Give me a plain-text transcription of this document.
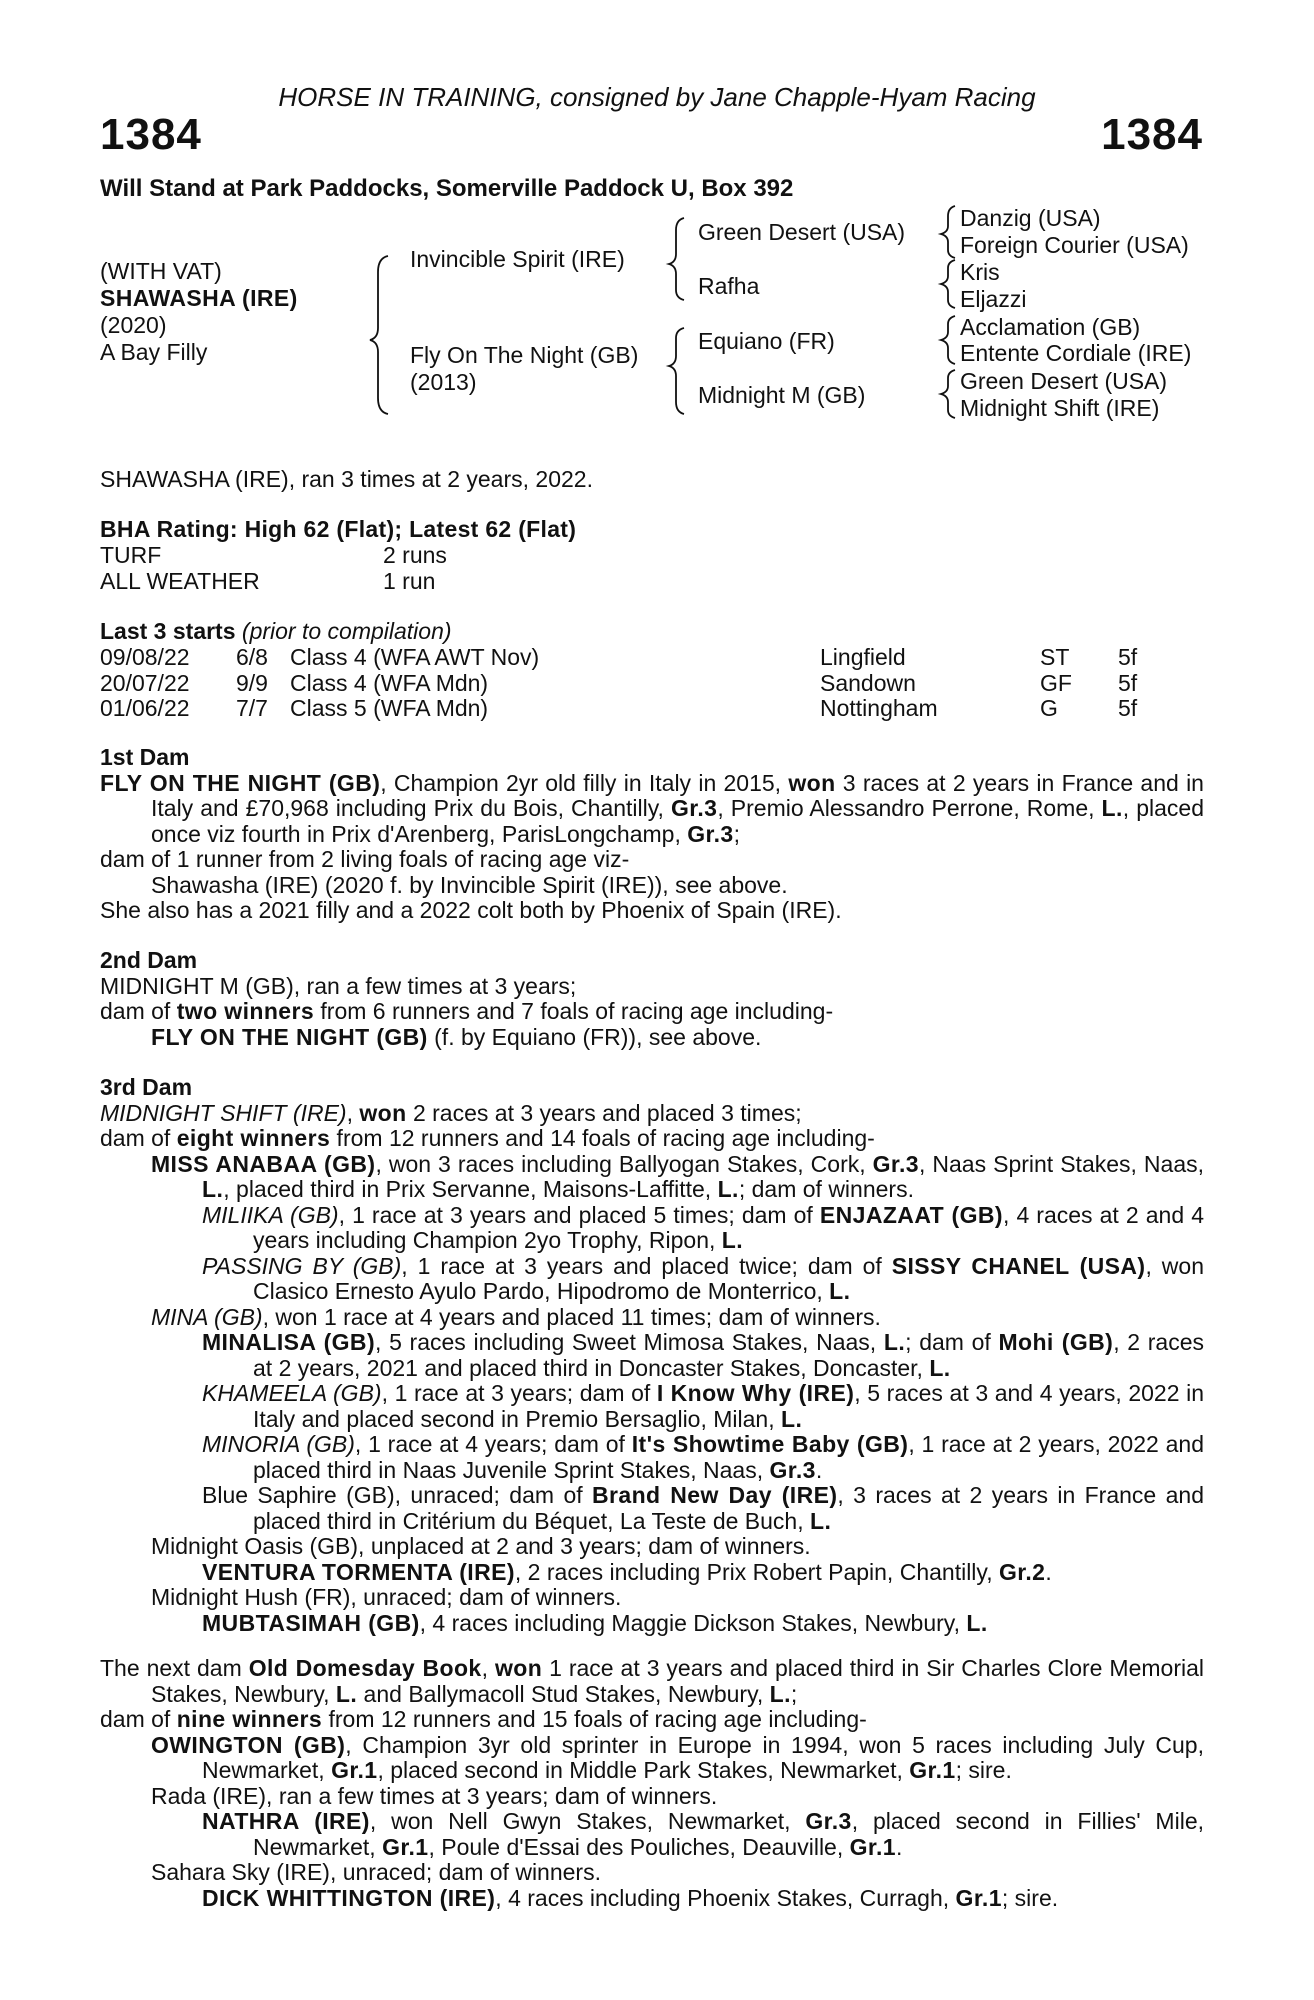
HORSE IN TRAINING, consigned by Jane Chapple-Hyam Racing
1384	1384
Will Stand at Park Paddocks, Somerville Paddock U, Box 392
(WITH VAT)
SHAWASHA (IRE)
(2020)
A Bay Filly
Invincible Spirit (IRE)
Fly On The Night (GB)
(2013)
Green Desert (USA)
Rafha
Equiano (FR)
Midnight M (GB)
Danzig (USA)
Foreign Courier (USA)
Kris
Eljazzi
Acclamation (GB)
Entente Cordiale (IRE)
Green Desert (USA)
Midnight Shift (IRE)
SHAWASHA (IRE), ran 3 times at 2 years, 2022.
BHA Rating: High 62 (Flat); Latest 62 (Flat)
TURF	2 runs
ALL WEATHER	1 run
Last 3 starts (prior to compilation)
09/08/22 6/8 Class 4 (WFA AWT Nov)	Lingfield	ST 5f
20/07/22 9/9 Class 4 (WFA Mdn)	Sandown	GF 5f
01/06/22 7/7 Class 5 (WFA Mdn)	Nottingham	G	5f

1st Dam

FLY ON THE NIGHT (GB), Champion 2yr old filly in Italy in 2015, won 3 races at 2 years in France and in Italy and £70,968 including Prix du Bois, Chantilly, Gr.3, Premio Alessandro Perrone, Rome, L., placed once viz fourth in Prix d'Arenberg, ParisLongchamp, Gr.3;

dam of 1 runner from 2 living foals of racing age viz-

Shawasha (IRE) (2020 f. by Invincible Spirit (IRE)), see above.

She also has a 2021 filly and a 2022 colt both by Phoenix of Spain (IRE).

2nd Dam

MIDNIGHT M (GB), ran a few times at 3 years;

dam of two winners from 6 runners and 7 foals of racing age including-

FLY ON THE NIGHT (GB) (f. by Equiano (FR)), see above.

3rd Dam

MIDNIGHT SHIFT (IRE), won 2 races at 3 years and placed 3 times;

dam of eight winners from 12 runners and 14 foals of racing age including-

MISS ANABAA (GB), won 3 races including Ballyogan Stakes, Cork, Gr.3, Naas Sprint Stakes, Naas, L., placed third in Prix Servanne, Maisons-Laffitte, L.; dam of winners.

MILIIKA (GB), 1 race at 3 years and placed 5 times; dam of ENJAZAAT (GB), 4 races at 2 and 4 years including Champion 2yo Trophy, Ripon, L.

PASSING BY (GB), 1 race at 3 years and placed twice; dam of SISSY CHANEL (USA), won Clasico Ernesto Ayulo Pardo, Hipodromo de Monterrico, L.

MINA (GB), won 1 race at 4 years and placed 11 times; dam of winners.

MINALISA (GB), 5 races including Sweet Mimosa Stakes, Naas, L.; dam of Mohi (GB), 2 races at 2 years, 2021 and placed third in Doncaster Stakes, Doncaster, L.

KHAMEELA (GB), 1 race at 3 years; dam of I Know Why (IRE), 5 races at 3 and 4 years, 2022 in Italy and placed second in Premio Bersaglio, Milan, L.

MINORIA (GB), 1 race at 4 years; dam of It's Showtime Baby (GB), 1 race at 2 years, 2022 and placed third in Naas Juvenile Sprint Stakes, Naas, Gr.3.

Blue Saphire (GB), unraced; dam of Brand New Day (IRE), 3 races at 2 years in France and placed third in Critérium du Béquet, La Teste de Buch, L.

Midnight Oasis (GB), unplaced at 2 and 3 years; dam of winners.

VENTURA TORMENTA (IRE), 2 races including Prix Robert Papin, Chantilly, Gr.2.

Midnight Hush (FR), unraced; dam of winners.

MUBTASIMAH (GB), 4 races including Maggie Dickson Stakes, Newbury, L.

The next dam Old Domesday Book, won 1 race at 3 years and placed third in Sir Charles Clore Memorial Stakes, Newbury, L. and Ballymacoll Stud Stakes, Newbury, L.;

dam of nine winners from 12 runners and 15 foals of racing age including-

OWINGTON (GB), Champion 3yr old sprinter in Europe in 1994, won 5 races including July Cup, Newmarket, Gr.1, placed second in Middle Park Stakes, Newmarket, Gr.1; sire.

Rada (IRE), ran a few times at 3 years; dam of winners.

NATHRA (IRE), won Nell Gwyn Stakes, Newmarket, Gr.3, placed second in Fillies' Mile, Newmarket, Gr.1, Poule d'Essai des Pouliches, Deauville, Gr.1.

Sahara Sky (IRE), unraced; dam of winners.

DICK WHITTINGTON (IRE), 4 races including Phoenix Stakes, Curragh, Gr.1; sire.
